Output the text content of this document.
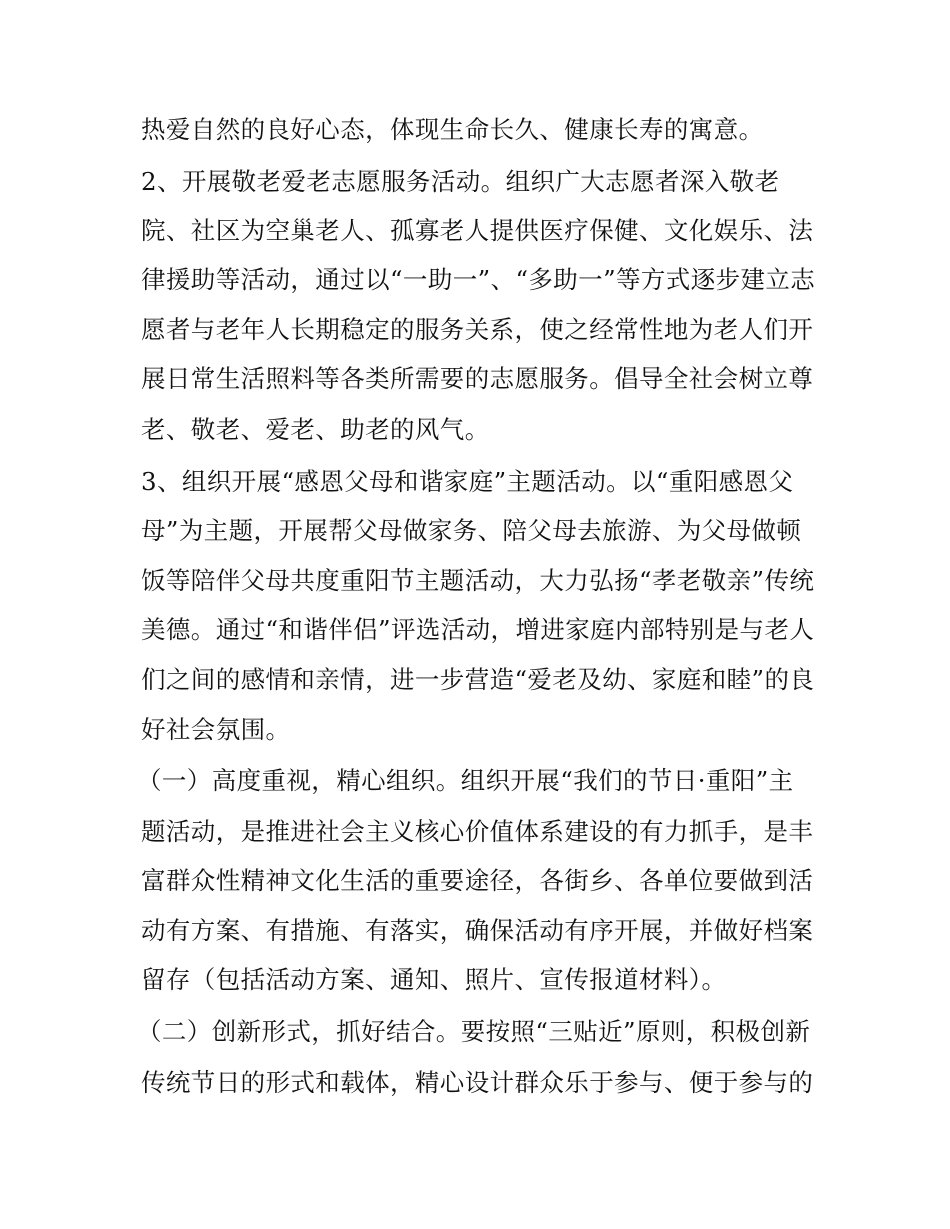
热爱自然的良好心态，体现生命长久、健康长寿的寓意。
2、开展敬老爱老志愿服务活动。组织广大志愿者深入敬老
院、社区为空巢老人、孤寡老人提供医疗保健、文化娱乐、法
律援助等活动，通过以“一助一”、“多助一”等方式逐步建立志
愿者与老年人长期稳定的服务关系，使之经常性地为老人们开
展日常生活照料等各类所需要的志愿服务。倡导全社会树立尊
老、敬老、爱老、助老的风气。
3、组织开展“感恩父母和谐家庭”主题活动。以“重阳感恩父
母”为主题，开展帮父母做家务、陪父母去旅游、为父母做顿
饭等陪伴父母共度重阳节主题活动，大力弘扬“孝老敬亲”传统
美德。通过“和谐伴侣”评选活动，增进家庭内部特别是与老人
们之间的感情和亲情，进一步营造“爱老及幼、家庭和睦”的良
好社会氛围。
（一）高度重视，精心组织。组织开展“我们的节日·重阳”主
题活动，是推进社会主义核心价值体系建设的有力抓手，是丰
富群众性精神文化生活的重要途径，各街乡、各单位要做到活
动有方案、有措施、有落实，确保活动有序开展，并做好档案
留存（包括活动方案、通知、照片、宣传报道材料）。
（二）创新形式，抓好结合。要按照“三贴近”原则，积极创新
传统节日的形式和载体，精心设计群众乐于参与、便于参与的
